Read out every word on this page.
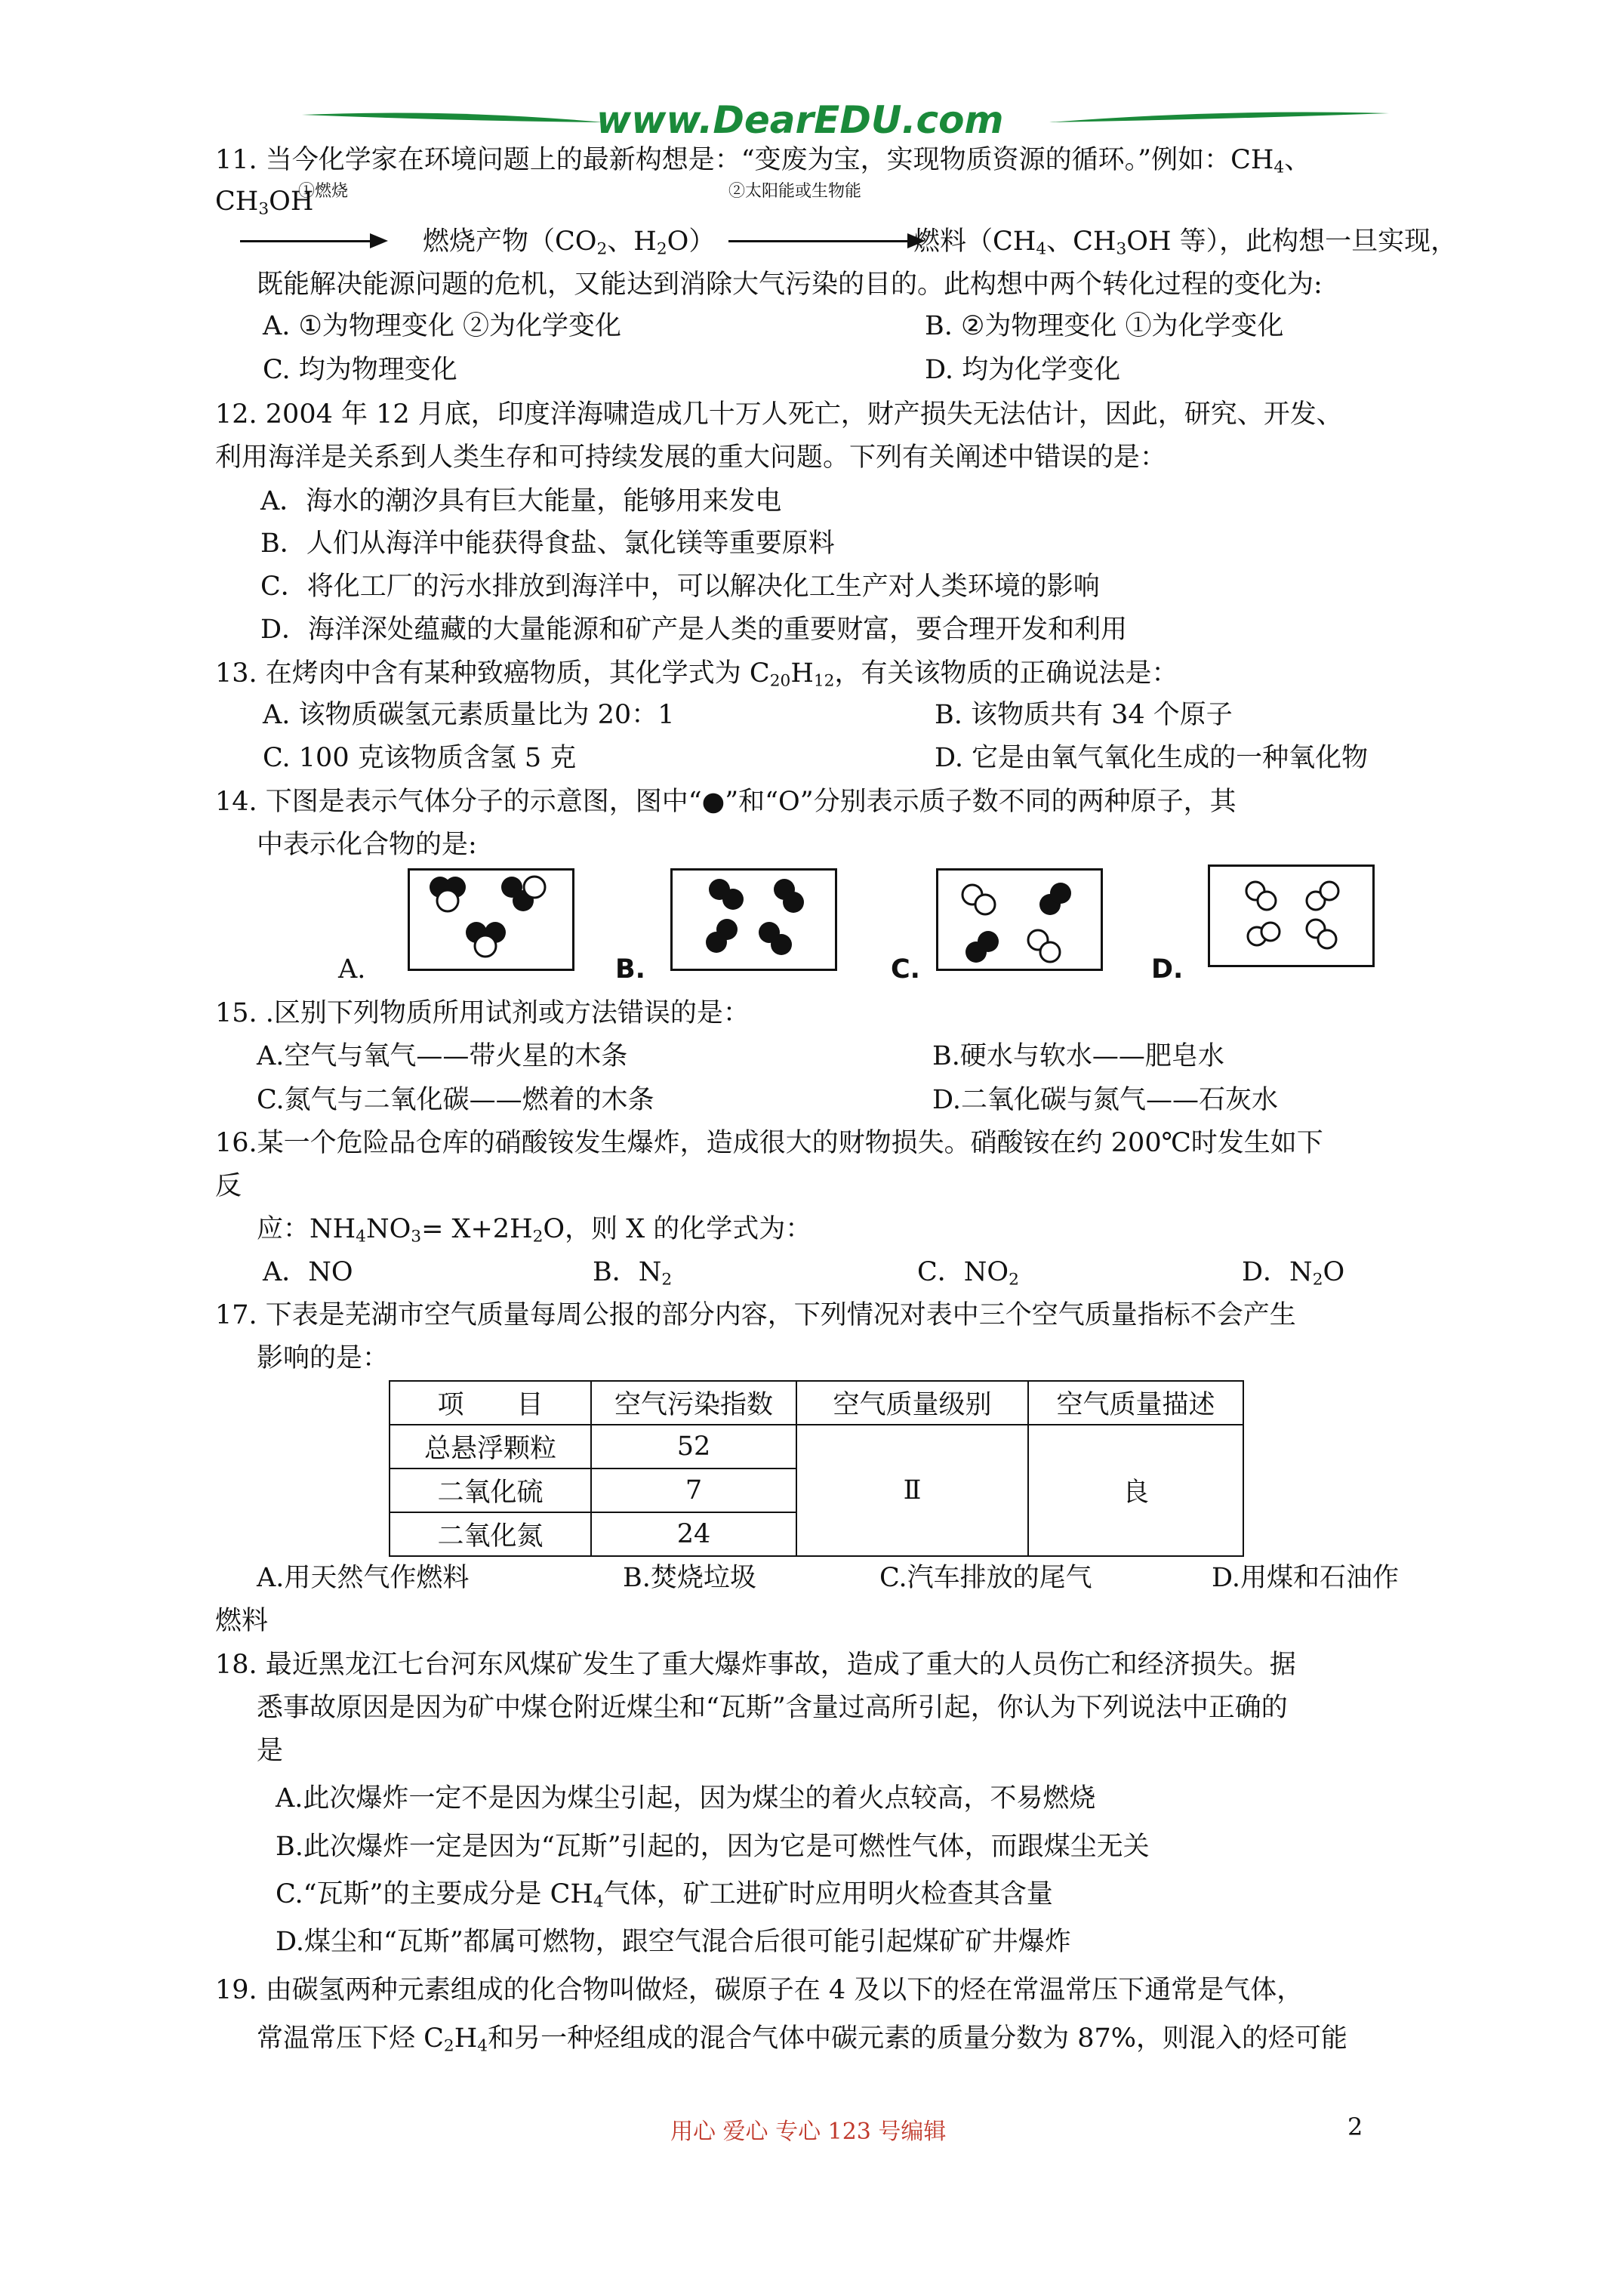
www.DearEDU.com
11. 当今化学家在环境问题上的最新构想是：“变废为宝，实现物质资源的循环。”例如：$CH_4$、
$CH_3OH$
①燃烧	②太阳能或生物能
燃烧产物（$CO_2$、$H_2O$）	燃料（$CH_4$、$CH_3OH$ 等），此构想一旦实现，
既能解决能源问题的危机，又能达到消除大气污染的目的。此构想中两个转化过程的变化为:
A. ①为物理变化 ②为化学变化	B. ②为物理变化 ①为化学变化
C. 均为物理变化	D. 均为化学变化
12. 2004 年 12 月底，印度洋海啸造成几十万人死亡，财产损失无法估计，因此，研究、开发、
利用海洋是关系到人类生存和可持续发展的重大问题。下列有关阐述中错误的是：
A．海水的潮汐具有巨大能量，能够用来发电
B．人们从海洋中能获得食盐、氯化镁等重要原料
C．将化工厂的污水排放到海洋中，可以解决化工生产对人类环境的影响
D．海洋深处蕴藏的大量能源和矿产是人类的重要财富，要合理开发和利用
13. 在烤肉中含有某种致癌物质，其化学式为 $C_{20}H_{12}$，有关该物质的正确说法是：
A. 该物质碳氢元素质量比为 20：1	B. 该物质共有 34 个原子
C. 100 克该物质含氢 5 克	D. 它是由氧气氧化生成的一种氧化物
14. 下图是表示气体分子的示意图，图中“●”和“O”分别表示质子数不同的两种原子，其
中表示化合物的是:
A.	B.	C.	D.
15. .区别下列物质所用试剂或方法错误的是：
A.空气与氧气——带火星的木条	B.硬水与软水——肥皂水
C.氮气与二氧化碳——燃着的木条	D.二氧化碳与氮气——石灰水
16.某一个危险品仓库的硝酸铵发生爆炸，造成很大的财物损失。硝酸铵在约 200℃时发生如下
反
应：$NH_4NO_3= X+2H_2O$，则 X 的化学式为：
A．NO	B．$N_2$	C．$NO_2$	D．$N_2O$
17. 下表是芜湖市空气质量每周公报的部分内容，下列情况对表中三个空气质量指标不会产生
影响的是：
项　　目	空气污染指数	空气质量级别	空气质量描述
总悬浮颗粒	52	Ⅱ	良
二氧化硫	7		
二氧化氮	24		
A.用天然气作燃料	B.焚烧垃圾	C.汽车排放的尾气	D.用煤和石油作
燃料
18. 最近黑龙江七台河东风煤矿发生了重大爆炸事故，造成了重大的人员伤亡和经济损失。据
悉事故原因是因为矿中煤仓附近煤尘和“瓦斯”含量过高所引起，你认为下列说法中正确的
是
A.此次爆炸一定不是因为煤尘引起，因为煤尘的着火点较高，不易燃烧
B.此次爆炸一定是因为“瓦斯”引起的，因为它是可燃性气体，而跟煤尘无关
C.“瓦斯”的主要成分是 $CH_4$气体，矿工进矿时应用明火检查其含量
D.煤尘和“瓦斯”都属可燃物，跟空气混合后很可能引起煤矿矿井爆炸
19. 由碳氢两种元素组成的化合物叫做烃，碳原子在 4 及以下的烃在常温常压下通常是气体，
常温常压下烃 $C_2H_4$和另一种烃组成的混合气体中碳元素的质量分数为 87%，则混入的烃可能
用心 爱心 专心 123 号编辑	2
